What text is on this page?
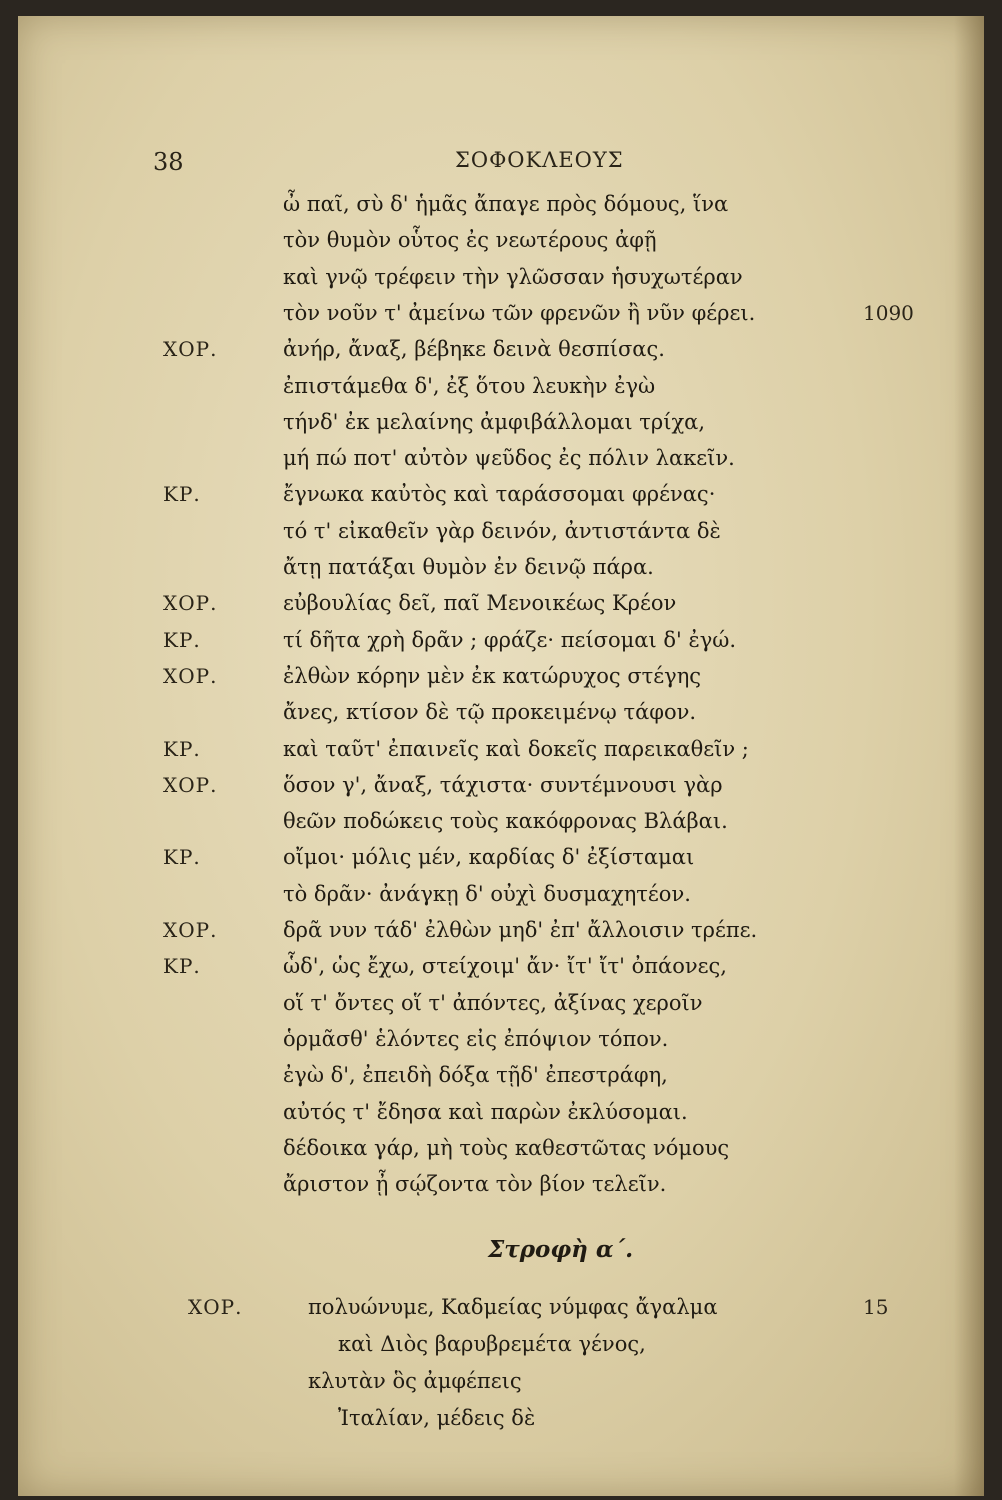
38	ΣΟΦΟΚΛΕΟΥΣ
ὦ παῖ, σὺ δ' ἡμᾶς ἄπαγε πρὸς δόμους, ἵνα
τὸν θυμὸν οὗτος ἐς νεωτέρους ἀφῇ
καὶ γνῷ τρέφειν τὴν γλῶσσαν ἡσυχωτέραν
τὸν νοῦν τ' ἀμείνω τῶν φρενῶν ἢ νῦν φέρει.	1090
ΧΟΡ.	ἀνήρ, ἄναξ, βέβηκε δεινὰ θεσπίσας.
ἐπιστάμεθα δ', ἐξ ὅτου λευκὴν ἐγὼ
τήνδ' ἐκ μελαίνης ἀμφιβάλλομαι τρίχα,
μή πώ ποτ' αὐτὸν ψεῦδος ἐς πόλιν λακεῖν.
ΚΡ.	ἔγνωκα καὐτὸς καὶ ταράσσομαι φρένας·
τό τ' εἰκαθεῖν γὰρ δεινόν, ἀντιστάντα δὲ
ἄτῃ πατάξαι θυμὸν ἐν δεινῷ πάρα.
ΧΟΡ.	εὐβουλίας δεῖ, παῖ Μενοικέως Κρέον
ΚΡ.	τί δῆτα χρὴ δρᾶν ; φράζε· πείσομαι δ' ἐγώ.
ΧΟΡ.	ἐλθὼν κόρην μὲν ἐκ κατώρυχος στέγης
ἄνες, κτίσον δὲ τῷ προκειμένῳ τάφον.
ΚΡ.	καὶ ταῦτ' ἐπαινεῖς καὶ δοκεῖς παρεικαθεῖν ;
ΧΟΡ.	ὅσον γ', ἄναξ, τάχιστα· συντέμνουσι γὰρ
θεῶν ποδώκεις τοὺς κακόφρονας Βλάβαι.
ΚΡ.	οἴμοι· μόλις μέν, καρδίας δ' ἐξίσταμαι
τὸ δρᾶν· ἀνάγκῃ δ' οὐχὶ δυσμαχητέον.
ΧΟΡ.	δρᾶ νυν τάδ' ἐλθὼν μηδ' ἐπ' ἄλλοισιν τρέπε.
ΚΡ.	ὧδ', ὡς ἔχω, στείχοιμ' ἄν· ἴτ' ἴτ' ὀπάονες,
οἵ τ' ὄντες οἵ τ' ἀπόντες, ἀξίνας χεροῖν
ὁρμᾶσθ' ἑλόντες εἰς ἐπόψιον τόπον.
ἐγὼ δ', ἐπειδὴ δόξα τῇδ' ἐπεστράφη,
αὐτός τ' ἔδησα καὶ παρὼν ἐκλύσομαι.
δέδοικα γάρ, μὴ τοὺς καθεστῶτας νόμους
ἄριστον ᾖ σῴζοντα τὸν βίον τελεῖν.
Στροφὴ α΄.
ΧΟΡ.	πολυώνυμε, Καδμείας νύμφας ἄγαλμα	15
καὶ Διὸς βαρυβρεμέτα γένος,
κλυτὰν ὃς ἀμφέπεις
Ἰταλίαν, μέδεις δὲ
